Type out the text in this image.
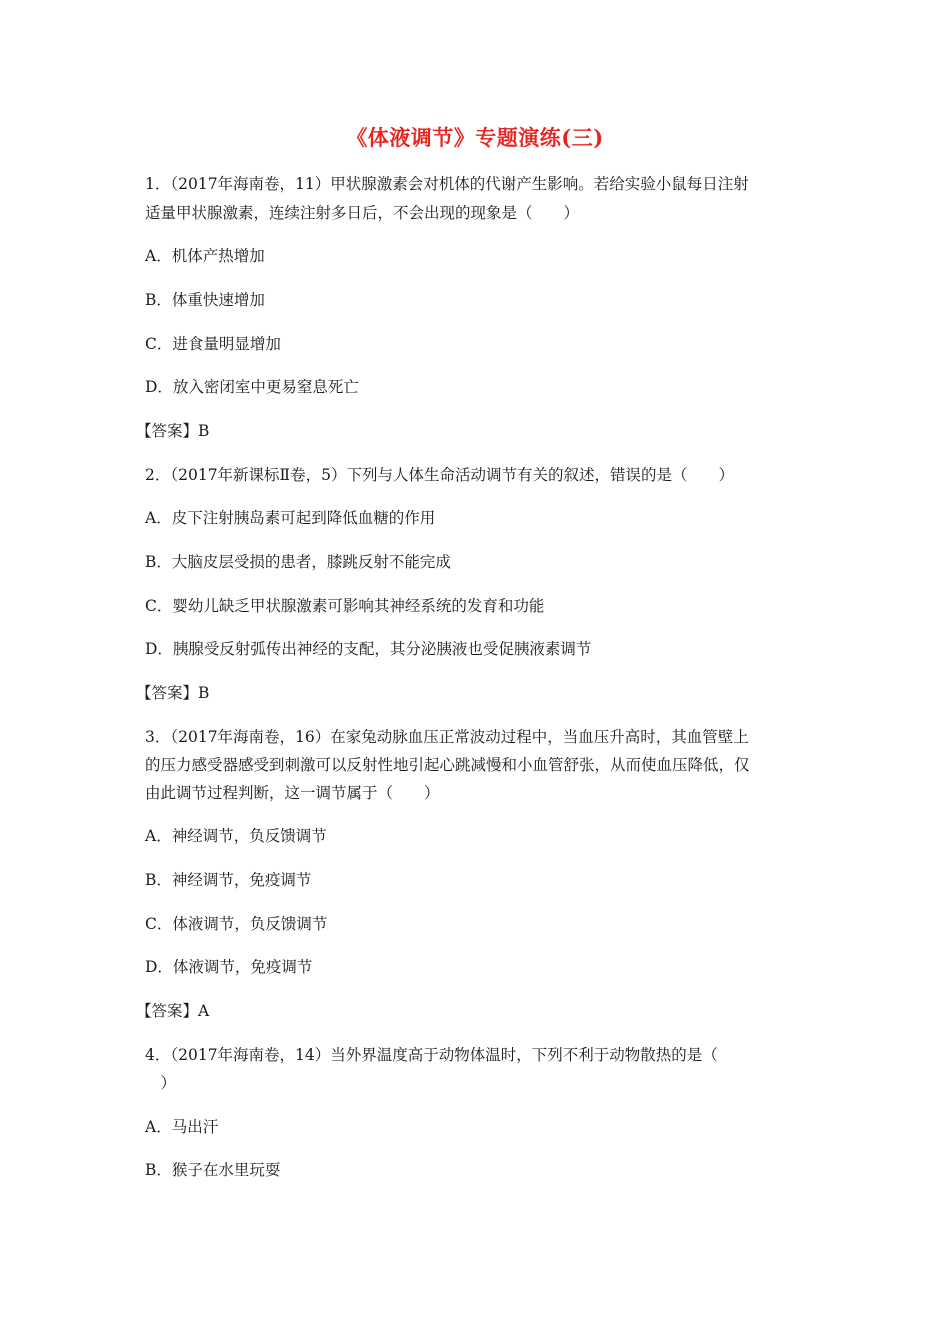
《体液调节》专题演练(三)
1．（2017年海南卷，11）甲状腺激素会对机体的代谢产生影响。若给实验小鼠每日注射
适量甲状腺激素，连续注射多日后，不会出现的现象是（　　）
A．机体产热增加
B．体重快速增加
C．进食量明显增加
D．放入密闭室中更易窒息死亡
【答案】B
2．（2017年新课标Ⅱ卷，5）下列与人体生命活动调节有关的叙述，错误的是（　　）
A．皮下注射胰岛素可起到降低血糖的作用
B．大脑皮层受损的患者，膝跳反射不能完成
C．婴幼儿缺乏甲状腺激素可影响其神经系统的发育和功能
D．胰腺受反射弧传出神经的支配，其分泌胰液也受促胰液素调节
【答案】B
3．（2017年海南卷，16）在家兔动脉血压正常波动过程中，当血压升高时，其血管壁上
的压力感受器感受到刺激可以反射性地引起心跳减慢和小血管舒张，从而使血压降低，仅
由此调节过程判断，这一调节属于（　　）
A．神经调节，负反馈调节
B．神经调节，免疫调节
C．体液调节，负反馈调节
D．体液调节，免疫调节
【答案】A
4．（2017年海南卷，14）当外界温度高于动物体温时，下列不利于动物散热的是（
　）
A．马出汗
B．猴子在水里玩耍
